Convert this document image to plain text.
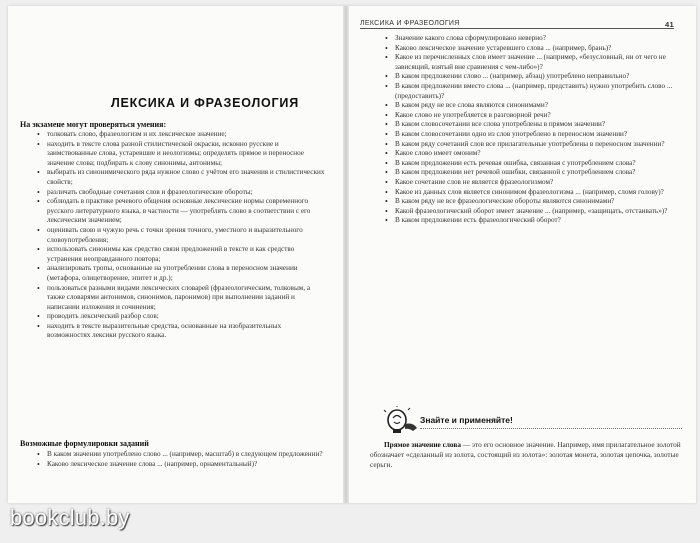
ЛЕКСИКА И ФРАЗЕОЛОГИЯ	41
ЛЕКСИКА И ФРАЗЕОЛОГИЯ
На экзамене могут проверяться умения:
• толковать слово, фразеологизм и их лексическое значение;
• находить в тексте слова разной стилистической окраски, исконно русские и заимствованные слова, устаревшие и неологизмы; определять прямое и переносное значение слова; подбирать к слову синонимы, антонимы;
• выбирать из синонимического ряда нужное слово с учётом его значения и стилистических свойств;
• различать свободные сочетания слов и фразеологические обороты;
• соблюдать в практике речевого общения основные лексические нормы современного русского литературного языка, в частности — употреблять слово в соответствии с его лексическим значением;
• оценивать свою и чужую речь с точки зрения точного, уместного и выразительного словоупотребления;
• использовать синонимы как средство связи предложений в тексте и как средство устранения неоправданного повтора;
• анализировать тропы, основанные на употреблении слова в переносном значении (метафора, олицетворение, эпитет и др.);
• пользоваться разными видами лексических словарей (фразеологическим, толковым, а также словарями антонимов, синонимов, паронимов) при выполнении заданий и написании изложения и сочинения;
• проводить лексический разбор слов;
• находить в тексте выразительные средства, основанные на изобразительных возможностях лексики русского языка.
Возможные формулировки заданий
• В каком значении употреблено слово ... (например, масштаб) в следующем предложении?
• Каково лексическое значение слова ... (например, орнаментальный)?
• Значение какого слова сформулировано неверно?
• Каково лексическое значение устаревшего слова ... (например, брань)?
• Какое из перечисленных слов имеет значение ... (например, «безусловный, ни от чего не зависящий, взятый вне сравнения с чем-либо»)?
• В каком предложении слово ... (например, абзац) употреблено неправильно?
• В каком предложении вместо слова ... (например, представить) нужно употребить слово ... (предоставить)?
• В каком ряду не все слова являются синонимами?
• Какое слово не употребляется в разговорной речи?
• В каком словосочетании все слова употреблены в прямом значении?
• В каком словосочетании одно из слов употреблено в переносном значении?
• В каком ряду сочетаний слов все прилагательные употреблены в переносном значении?
• Какое слово имеет омоним?
• В каком предложении есть речевая ошибка, связанная с употреблением слова?
• В каком предложении нет речевой ошибки, связанной с употреблением слова?
• Какое сочетание слов не является фразеологизмом?
• Какое из данных слов является синонимом фразеологизма ... (например, сломя голову)?
• В каком ряду не все фразеологические обороты являются синонимами?
• Какой фразеологический оборот имеет значение ... (например, «защищать, отстаивать»)?
• В каком предложении есть фразеологический оборот?
Знайте и применяйте!
Прямое значение слова — это его основное значение. Например, имя прилагательное золотой обозначает «сделанный из золота, состоящий из золота»: золотая монета, золотая цепочка, золотые серьги.
bookclub.by
